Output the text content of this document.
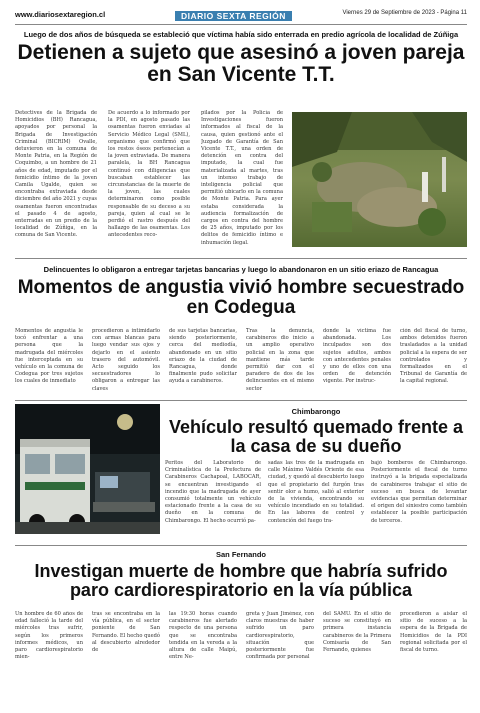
www.diariosextaregion.cl	DIARIO SEXTA REGIÓN	Viernes 29 de Septiembre de 2023 - Página 11
Luego de dos años de búsqueda se estableció que víctima había sido enterrada en predio agrícola de localidad de Zúñiga
Detienen a sujeto que asesinó a joven pareja en San Vicente T.T.
Detectives de la Brigada de Homicidios (BH) Rancagua, apoyados por personal la Brigada de Investigación Criminal (BICRIM) Ovalle, detuvieron en la comuna de Monte Patria, en la Región de Coquimbo, a un hombre de 21 años de edad, imputado por el femicidio íntimo de la joven Camila Ugalde, quien se encontraba extraviada desde diciembre del año 2021 y cuyas osamentas fueron encontradas el pasado 4 de agosto, enterradas en un predio de la localidad de Zúñiga, en la comuna de San Vicente.
De acuerdo a lo informado por la PDI, en agosto pasado las osamentas fueron enviadas al Servicio Médico Legal (SML), organismo que confirmó que los restos óseos pertenecían a la joven extraviada. De manera paralela, la BH Rancagua continuó con diligencias que buscaban establecer las circunstancias de la muerte de la joven, las cuales determinaron como posible responsable de su deceso a su pareja, quien al cual se le perdió el rastro después del hallazgo de las osamentas. Los antecedentes reco-
pilados por la Policía de Investigaciones fueron informados al fiscal de la causa, quien gestionó ante el Juzgado de Garantía de San Vicente T.T., una orden de detención en contra del imputado, la cual fue materializada al martes, tras un intenso trabajo de inteligencia policial que permitió ubicarlo en la comuna de Monte Patria. Para ayer estaba considerada la audiencia formalización de cargos en contra del hombre de 25 años, imputado por los delitos de femicidio íntimo e inhumación ilegal.
Delincuentes lo obligaron a entregar tarjetas bancarias y luego lo abandonaron en un sitio eriazo de Rancagua
Momentos de angustia vivió hombre secuestrado en Codegua
Momentos de angustia le tocó enfrentar a una persona que la madrugada del miércoles fue interceptada en su vehículo en la comuna de Codegua por tres sujetos los cuales de inmediato
procedieron a intimidarlo con armas blancas para luego vendar sus ojos y dejarlo en el asiento trasero del automóvil. Acto seguido los secuestradores lo obligaron a entregar las claves
de sus tarjetas bancarias, siendo posteriormente, cerca del mediodía, abandonado en un sitio eriazo de la ciudad de Rancagua, donde finalmente pudo solicitar ayuda a carabineros.
Tras la denuncia, carabineros dio inicio a un amplio operativo policial en la zona que mantiene más tarde permitió dar con el paradero de dos de los delincuentes en el mismo sector
donde la víctima fue abandonada. Los inculpados son dos sujetos adultos, ambos con antecedentes penales y uno de ellos con una orden de detención vigente. Por instruc-
ción del fiscal de turno, ambos detenidos fueron trasladados a la unidad policial a la espera de ser controlados y formalizados en el Tribunal de Garantía de la capital regional.
Chimbarongo
Vehículo resultó quemado frente a la casa de su dueño
Peritos del Laboratorio de Criminalística de la Prefectura de Carabineros Cachapoal, LABOCAR, se encuentran investigando el incendio que la madrugada de ayer consumió totalmente un vehículo estacionado frente a la casa de su dueño en la comuna de Chimbarongo. El hecho ocurrió pa-
sadas las tres de la madrugada en calle Máximo Valdés Oriente de esa ciudad, y quedó al descubierto luego que el propietario del furgón tras sentir olor a humo, salió al exterior de la vivienda, encontrando su vehículo incendiado en su totalidad. En las labores de control y contención del fuego tra-
bajó bomberos de Chimbarongo. Posteriormente el fiscal de turno instruyó a la brigada especializada de carabineros trabajar el sitio de suceso en busca de levantar evidencias que permitan determinar el origen del siniestro como también establecer la posible participación de terceros.
San Fernando
Investigan muerte de hombre que habría sufrido paro cardiorespiratorio en la vía pública
Un hombre de 60 años de edad falleció la tarde del miércoles tras sufrir, según los primeros informes médicos, un paro cardiorespiratorio mien-
tras se encontraba en la vía pública, en el sector poniente de San Fernando. El hecho quedó al descubierto alrededor de
las 19:30 horas cuando carabineros fue alertado respecto de una persona que se encontraba tendida en la vereda a la altura de calle Maipú, entre Ne-
greta y Juan Jiménez, con claros muestras de haber sufrido un paro cardiorespiratorio, situación que posteriormente fue confirmada por personal
del SAMU. En el sitio de suceso se constituyó en primera instancia carabineros de la Primera Comisaría de San Fernando, quienes
procedieron a aislar el sitio de suceso a la espera de la Brigada de Homicidios de la PDI regional solicitada por el fiscal de turno.
